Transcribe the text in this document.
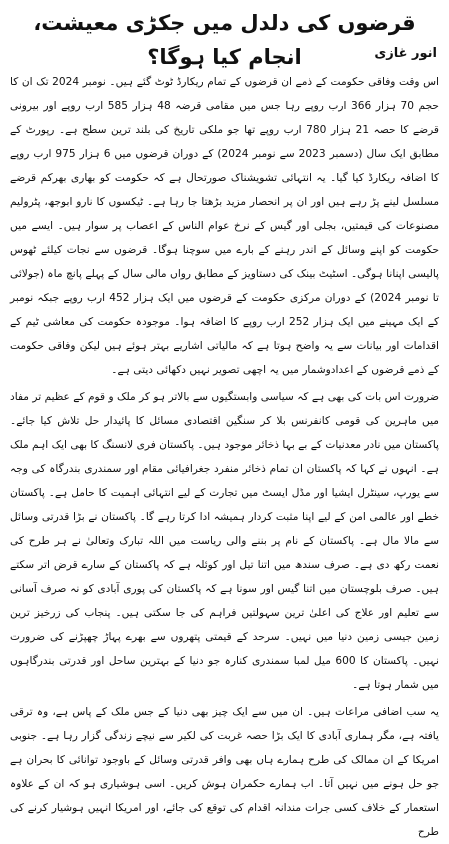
قرضوں کی دلدل میں جکڑی معیشت، انجام کیا ہوگا؟	انور غازی

اس وقت وفاقی حکومت کے ذمے ان قرضوں کے تمام ریکارڈ ٹوٹ گئے ہیں۔ نومبر 2024 تک ان کا حجم 70 ہزار 366 ارب روپے رہا جس میں مقامی قرضہ 48 ہزار 585 ارب روپے اور بیرونی قرضے کا حصہ 21 ہزار 780 ارب روپے تھا جو ملکی تاریخ کی بلند ترین سطح ہے۔ رپورٹ کے مطابق ایک سال (دسمبر 2023 سے نومبر 2024) کے دوران قرضوں میں 6 ہزار 975 ارب روپے کا اضافہ ریکارڈ کیا گیا۔ یہ انتہائی تشویشناک صورتحال ہے کہ حکومت کو بھاری بھرکم قرضے مسلسل لینے پڑ رہے ہیں اور ان پر انحصار مزید بڑھتا جا رہا ہے۔ ٹیکسوں کا نارو ابوجھ، پٹرولیم مصنوعات کی قیمتیں، بجلی اور گیس کے نرخ عوام الناس کے اعصاب پر سوار ہیں۔ ایسے میں حکومت کو اپنے وسائل کے اندر رہنے کے بارے میں سوچنا ہوگا۔ قرضوں سے نجات کیلئے ٹھوس پالیسی اپنانا ہوگی۔ اسٹیٹ بینک کی دستاویز کے مطابق رواں مالی سال کے پہلے پانچ ماہ (جولائی تا نومبر 2024) کے دوران مرکزی حکومت کے قرضوں میں ایک ہزار 452 ارب روپے جبکہ نومبر کے ایک مہینے میں ایک ہزار 252 ارب روپے کا اضافہ ہوا۔ موجودہ حکومت کی معاشی ٹیم کے اقدامات اور بیانات سے یہ واضح ہوتا ہے کہ مالیاتی اشاریے بہتر ہوئے ہیں لیکن وفاقی حکومت کے ذمے قرضوں کے اعدادوشمار میں یہ اچھی تصویر نہیں دکھائی دیتی ہے۔

ضرورت اس بات کی بھی ہے کہ سیاسی وابستگیوں سے بالاتر ہو کر ملک و قوم کے عظیم تر مفاد میں ماہرین کی قومی کانفرنس بلا کر سنگین اقتصادی مسائل کا پائیدار حل تلاش کیا جائے۔ پاکستان میں نادر معدنیات کے بے بہا ذخائر موجود ہیں۔ پاکستان فری لانسنگ کا بھی ایک اہم ملک ہے۔ انہوں نے کہا کہ پاکستان ان تمام ذخائر منفرد جغرافیائی مقام اور سمندری بندرگاہ کی وجہ سے یورپ، سینٹرل ایشیا اور مڈل ایسٹ میں تجارت کے لیے انتہائی اہمیت کا حامل ہے۔ پاکستان خطے اور عالمی امن کے لیے اپنا مثبت کردار ہمیشہ ادا کرتا رہے گا۔ پاکستان نے بڑا قدرتی وسائل سے مالا مال ہے۔ پاکستان کے نام پر بننے والی ریاست میں اللہ تبارک وتعالیٰ نے ہر طرح کی نعمت رکھ دی ہے۔ صرف سندھ میں اتنا تیل اور کوئلہ ہے کہ پاکستان کے سارے قرض اتر سکتے ہیں۔ صرف بلوچستان میں اتنا گیس اور سونا ہے کہ پاکستان کی پوری آبادی کو نہ صرف آسانی سے تعلیم اور علاج کی اعلیٰ ترین سہولتیں فراہم کی جا سکتی ہیں۔ پنجاب کی زرخیز ترین زمین جیسی زمین دنیا میں نہیں۔ سرحد کے قیمتی پتھروں سے بھرے پہاڑ چھپڑنے کی ضرورت نہیں۔ پاکستان کا 600 میل لمبا سمندری کنارہ جو دنیا کے بہترین ساحل اور قدرتی بندرگاہوں میں شمار ہوتا ہے۔

یہ سب اضافی مراعات ہیں۔ ان میں سے ایک چیز بھی دنیا کے جس ملک کے پاس ہے، وہ ترقی یافتہ ہے، مگر ہماری آبادی کا ایک بڑا حصہ غربت کی لکیر سے نیچے زندگی گزار رہا ہے۔ جنوبی امریکا کے ان ممالک کی طرح ہمارے ہاں بھی وافر قدرتی وسائل کے باوجود توانائی کا بحران ہے جو حل ہونے میں نہیں آتا۔ اب ہمارے حکمران ہوش کریں۔ اسی ہوشیاری ہو کہ ان کے علاوہ استعمار کے خلاف کسی جرات مندانہ اقدام کی توقع کی جائے، اور امریکا انہیں ہوشیار کرنے کی طرح
